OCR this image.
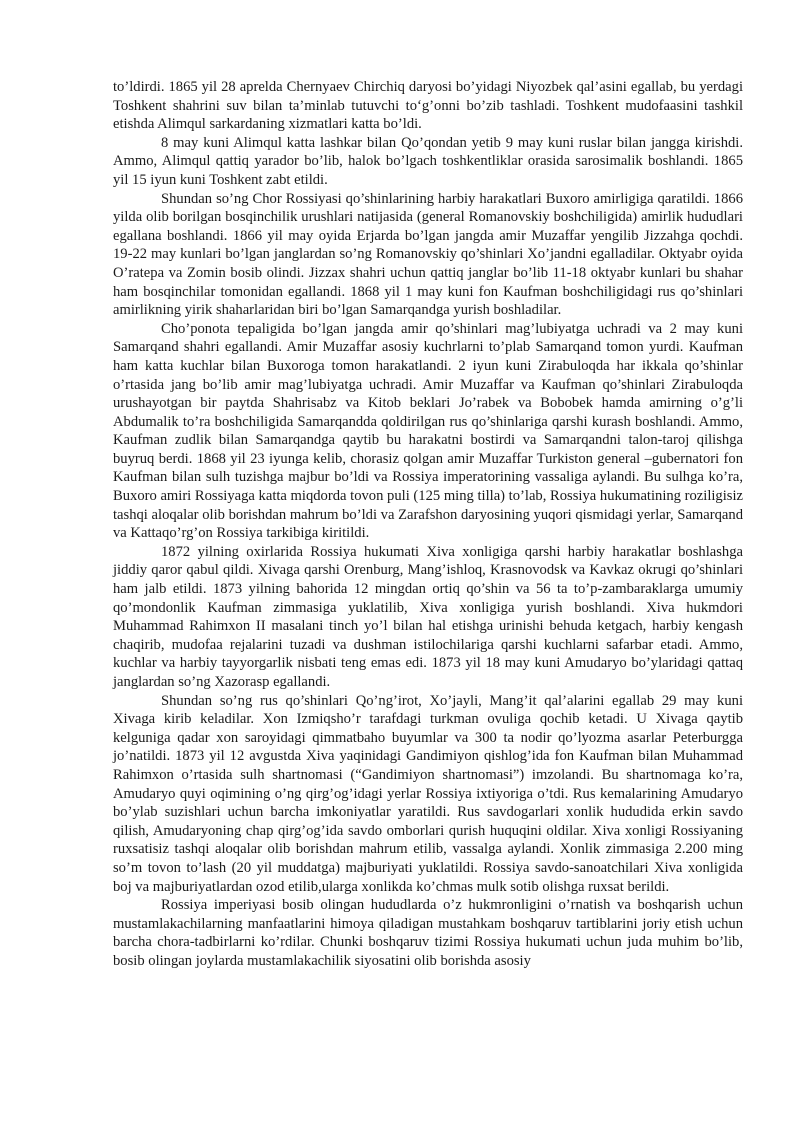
to’ldirdi. 1865 yil 28 aprelda Chernyaev Chirchiq daryosi bo’yidagi Niyozbek qal’asini egallab, bu yerdagi Toshkent shahrini suv bilan ta’minlab tutuvchi to‘g’onni bo’zib tashladi. Toshkent mudofaasini tashkil etishda Alimqul sarkardaning xizmatlari katta bo’ldi.

8 may kuni Alimqul katta lashkar bilan Qo’qondan yetib 9 may kuni ruslar bilan jangga kirishdi. Ammo, Alimqul qattiq yarador bo’lib, halok bo’lgach toshkentliklar orasida sarosimalik boshlandi. 1865 yil 15 iyun kuni Toshkent zabt etildi.

Shundan so’ng Chor Rossiyasi qo’shinlarining harbiy harakatlari Buxoro amirligiga qaratildi. 1866 yilda olib borilgan bosqinchilik urushlari natijasida (general Romanovskiy boshchiligida) amirlik hududlari egallana boshlandi. 1866 yil may oyida Erjarda bo’lgan jangda amir Muzaffar yengilib Jizzahga qochdi. 19-22 may kunlari bo’lgan janglardan so’ng Romanovskiy qo’shinlari Xo’jandni egalladilar. Oktyabr oyida O’ratepa va Zomin bosib olindi. Jizzax shahri uchun qattiq janglar bo’lib 11-18 oktyabr kunlari bu shahar ham bosqinchilar tomonidan egallandi. 1868 yil 1 may kuni fon Kaufman boshchiligidagi rus qo’shinlari amirlikning yirik shaharlaridan biri bo’lgan Samarqandga yurish boshladilar.

Cho’ponota tepaligida bo’lgan jangda amir qo’shinlari mag’lubiyatga uchradi va 2 may kuni Samarqand shahri egallandi. Amir Muzaffar asosiy kuchrlarni to’plab Samarqand tomon yurdi. Kaufman ham katta kuchlar bilan Buxoroga tomon harakatlandi. 2 iyun kuni Zirabuloqda har ikkala qo’shinlar o’rtasida jang bo’lib amir mag’lubiyatga uchradi. Amir Muzaffar va Kaufman qo’shinlari Zirabuloqda urushayotgan bir paytda Shahrisabz va Kitob beklari Jo’rabek va Bobobek hamda amirning o’g’li Abdumalik to’ra boshchiligida Samarqandda qoldirilgan rus qo’shinlariga qarshi kurash boshlandi. Ammo, Kaufman zudlik bilan Samarqandga qaytib bu harakatni bostirdi va Samarqandni talon-taroj qilishga buyruq berdi. 1868 yil 23 iyunga kelib, chorasiz qolgan amir Muzaffar Turkiston general –gubernatori fon Kaufman bilan sulh tuzishga majbur bo’ldi va Rossiya imperatorining vassaliga aylandi. Bu sulhga ko’ra, Buxoro amiri Rossiyaga katta miqdorda tovon puli (125 ming tilla) to’lab, Rossiya hukumatining roziligisiz tashqi aloqalar olib borishdan mahrum bo’ldi va Zarafshon daryosining yuqori qismidagi yerlar, Samarqand va Kattaqo’rg’on Rossiya tarkibiga kiritildi.

1872 yilning oxirlarida Rossiya hukumati Xiva xonligiga qarshi harbiy harakatlar boshlashga jiddiy qaror qabul qildi. Xivaga qarshi Orenburg, Mang’ishloq, Krasnovodsk va Kavkaz okrugi qo’shinlari ham jalb etildi. 1873 yilning bahorida 12 mingdan ortiq qo’shin va 56 ta to’p-zambaraklarga umumiy qo’mondonlik Kaufman zimmasiga yuklatilib, Xiva xonligiga yurish boshlandi. Xiva hukmdori Muhammad Rahimxon II masalani tinch yo’l bilan hal etishga urinishi behuda ketgach, harbiy kengash chaqirib, mudofaa rejalarini tuzadi va dushman istilochilariga qarshi kuchlarni safarbar etadi. Ammo, kuchlar va harbiy tayyorgarlik nisbati teng emas edi. 1873 yil 18 may kuni Amudaryo bo’ylaridagi qattaq janglardan so’ng Xazorasp egallandi.

Shundan so’ng rus qo’shinlari Qo’ng’irot, Xo’jayli, Mang’it qal’alarini egallab 29 may kuni Xivaga kirib keladilar. Xon Izmiqsho’r tarafdagi turkman ovuliga qochib ketadi. U Xivaga qaytib kelguniga qadar xon saroyidagi qimmatbaho buyumlar va 300 ta nodir qo’lyozma asarlar Peterburgga jo’natildi. 1873 yil 12 avgustda Xiva yaqinidagi Gandimiyon qishlog’ida fon Kaufman bilan Muhammad Rahimxon o’rtasida sulh shartnomasi (“Gandimiyon shartnomasi”) imzolandi. Bu shartnomaga ko’ra, Amudaryo quyi oqimining o’ng qirg’og’idagi yerlar Rossiya ixtiyoriga o’tdi. Rus kemalarining Amudaryo bo’ylab suzishlari uchun barcha imkoniyatlar yaratildi. Rus savdogarlari xonlik hududida erkin savdo qilish, Amudaryoning chap qirg’og’ida savdo omborlari qurish huquqini oldilar. Xiva xonligi Rossiyaning ruxsatisiz tashqi aloqalar olib borishdan mahrum etilib, vassalga aylandi. Xonlik zimmasiga 2.200 ming so’m tovon to’lash (20 yil muddatga) majburiyati yuklatildi. Rossiya savdo-sanoatchilari Xiva xonligida boj va majburiyatlardan ozod etilib,ularga xonlikda ko’chmas mulk sotib olishga ruxsat berildi.

Rossiya imperiyasi bosib olingan hududlarda o’z hukmronligini o’rnatish va boshqarish uchun mustamlakachilarning manfaatlarini himoya qiladigan mustahkam boshqaruv tartiblarini joriy etish uchun barcha chora-tadbirlarni ko’rdilar. Chunki boshqaruv tizimi Rossiya hukumati uchun juda muhim bo’lib, bosib olingan joylarda mustamlakachilik siyosatini olib borishda asosiy
